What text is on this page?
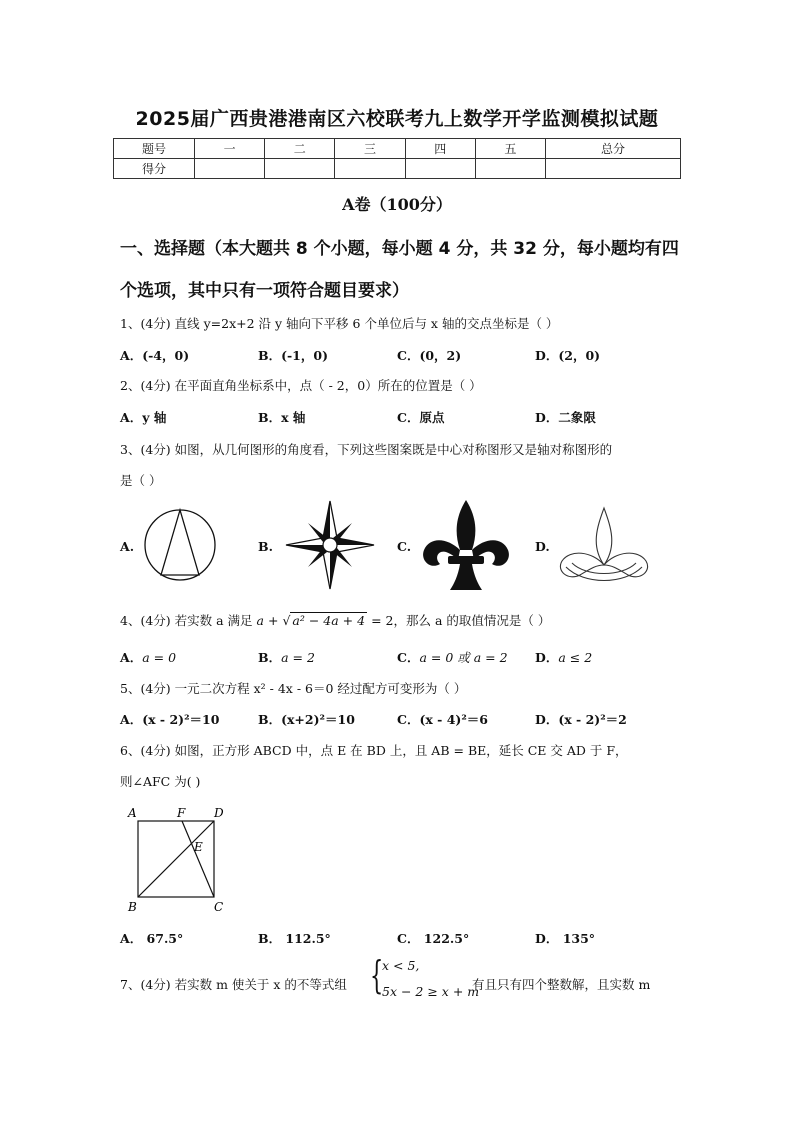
2025届广西贵港港南区六校联考九上数学开学监测模拟试题
题号	一	二	三	四	五	总分
得分						
A卷（100分）
一、选择题（本大题共 8 个小题，每小题 4 分，共 32 分，每小题均有四个选项，其中只有一项符合题目要求）
1、(4分) 直线 y=2x+2 沿 y 轴向下平移 6 个单位后与 x 轴的交点坐标是（ ）
A．(-4，0)	B．(-1，0)	C．(0，2)	D．(2，0)
2、(4分) 在平面直角坐标系中，点（ - 2，0）所在的位置是（ ）
A．y 轴	B．x 轴	C．原点	D．二象限
3、(4分) 如图，从几何图形的角度看，下列这些图案既是中心对称图形又是轴对称图形的
是（ ）
A.	B.	C.	D.
4、(4分) 若实数 a 满足 a + √ a² − 4a + 4 = 2，那么 a 的取值情况是（ ）
A．a = 0	B．a = 2	C．a = 0 或 a = 2 D．a ≤ 2
5、(4分) 一元二次方程 x² - 4x - 6＝0 经过配方可变形为（ ）
A．(x - 2)²＝10	B．(x+2)²＝10	C．(x - 4)²＝6	D．(x - 2)²＝2
6、(4分) 如图，正方形 ABCD 中，点 E 在 BD 上，且 AB = BE，延长 CE 交 AD 于 F，
则∠AFC 为( )
A	F D
E
B	C
A． 67.5°	B． 112.5°	C． 122.5°	D． 135°
7、(4分) 若实数 m 使关于 x 的不等式组 {
x < 5,
5x − 2 ≥ x + m
有且只有四个整数解，且实数 m
